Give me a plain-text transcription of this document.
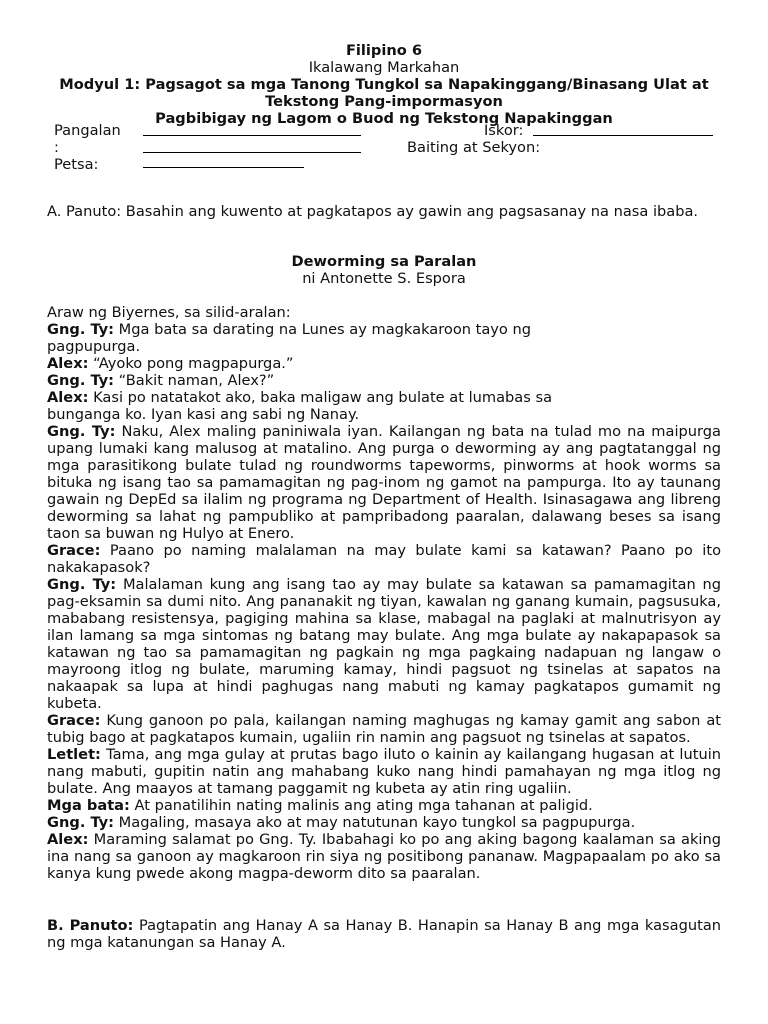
Filipino 6
Ikalawang Markahan
Modyul 1: Pagsagot sa mga Tanong Tungkol sa Napakinggang/Binasang Ulat at
Tekstong Pang-impormasyon
Pagbibigay ng Lagom o Buod ng Tekstong Napakinggan
Pangalan
:
Petsa:
Iskor:
Baiting at Sekyon:
A. Panuto: Basahin ang kuwento at pagkatapos ay gawin ang pagsasanay na nasa ibaba.
Deworming sa Paralan
ni Antonette S. Espora

Araw ng Biyernes, sa silid-aralan:

Gng. Ty: Mga bata sa darating na Lunes ay magkakaroon tayo ng pagpupurga.

Alex: “Ayoko pong magpapurga.”

Gng. Ty: “Bakit naman, Alex?”

Alex: Kasi po natatakot ako, baka maligaw ang bulate at lumabas sa bunganga ko. Iyan kasi ang sabi ng Nanay.

Gng. Ty: Naku, Alex maling paniniwala iyan. Kailangan ng bata na tulad mo na maipurga upang lumaki kang malusog at matalino. Ang purga o deworming ay ang pagtatanggal ng mga parasitikong bulate tulad ng roundworms tapeworms, pinworms at hook worms sa bituka ng isang tao sa pamamagitan ng pag-inom ng gamot na pampurga. Ito ay taunang gawain ng DepEd sa ilalim ng programa ng Department of Health. Isinasagawa ang libreng deworming sa lahat ng pampubliko at pampribadong paaralan, dalawang beses sa isang taon sa buwan ng Hulyo at Enero.

Grace: Paano po naming malalaman na may bulate kami sa katawan? Paano po ito nakakapasok?

Gng. Ty: Malalaman kung ang isang tao ay may bulate sa katawan sa pamamagitan ng pag-eksamin sa dumi nito. Ang pananakit ng tiyan, kawalan ng ganang kumain, pagsusuka, mababang resistensya, pagiging mahina sa klase, mabagal na paglaki at malnutrisyon ay ilan lamang sa mga sintomas ng batang may bulate. Ang mga bulate ay nakapapasok sa katawan ng tao sa pamamagitan ng pagkain ng mga pagkaing nadapuan ng langaw o mayroong itlog ng bulate, maruming kamay, hindi pagsuot ng tsinelas at sapatos na nakaapak sa lupa at hindi paghugas nang mabuti ng kamay pagkatapos gumamit ng kubeta.

Grace: Kung ganoon po pala, kailangan naming maghugas ng kamay gamit ang sabon at tubig bago at pagkatapos kumain, ugaliin rin namin ang pagsuot ng tsinelas at sapatos.

Letlet: Tama, ang mga gulay at prutas bago iluto o kainin ay kailangang hugasan at lutuin nang mabuti, gupitin natin ang mahabang kuko nang hindi pamahayan ng mga itlog ng bulate. Ang maayos at tamang paggamit ng kubeta ay atin ring ugaliin.

Mga bata: At panatilihin nating malinis ang ating mga tahanan at paligid.

Gng. Ty: Magaling, masaya ako at may natutunan kayo tungkol sa pagpupurga.

Alex: Maraming salamat po Gng. Ty. Ibabahagi ko po ang aking bagong kaalaman sa aking ina nang sa ganoon ay magkaroon rin siya ng positibong pananaw. Magpapaalam po ako sa kanya kung pwede akong magpa-deworm dito sa paaralan.

B. Panuto: Pagtapatin ang Hanay A sa Hanay B. Hanapin sa Hanay B ang mga kasagutan ng mga katanungan sa Hanay A.
